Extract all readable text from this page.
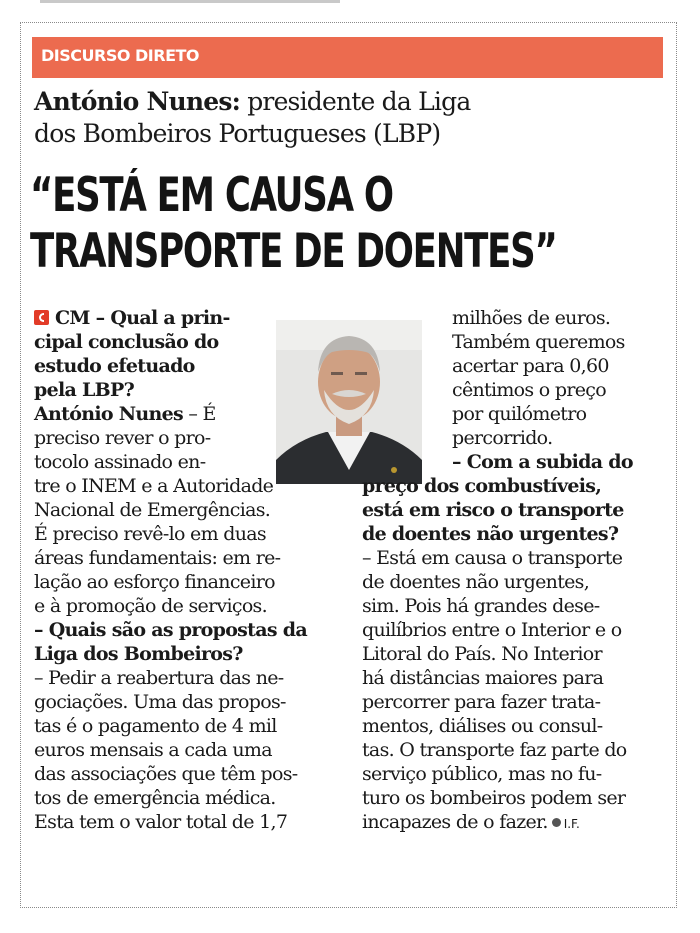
DISCURSO DIRETO
António Nunes: presidente da Liga
dos Bombeiros Portugueses (LBP)
“ESTÁ EM CAUSA O
TRANSPORTE DE DOENTES”
CM – Qual a prin-
cipal conclusão do
estudo efetuado
pela LBP?
António Nunes – É
preciso rever o pro-
tocolo assinado en-
tre o INEM e a Autoridade
Nacional de Emergências.
É preciso revê-lo em duas
áreas fundamentais: em re-
lação ao esforço financeiro
e à promoção de serviços.
– Quais são as propostas da
Liga dos Bombeiros?
– Pedir a reabertura das ne-
gociações. Uma das propos-
tas é o pagamento de 4 mil
euros mensais a cada uma
das associações que têm pos-
tos de emergência médica.
Esta tem o valor total de 1,7
milhões de euros.
Também queremos
acertar para 0,60
cêntimos o preço
por quilómetro
percorrido.
– Com a subida do
preço dos combustíveis,
está em risco o transporte
de doentes não urgentes?
– Está em causa o transporte
de doentes não urgentes,
sim. Pois há grandes dese-
quilíbrios entre o Interior e o
Litoral do País. No Interior
há distâncias maiores para
percorrer para fazer trata-
mentos, diálises ou consul-
tas. O transporte faz parte do
serviço público, mas no fu-
turo os bombeiros podem ser
incapazes de o fazer. I.F.
